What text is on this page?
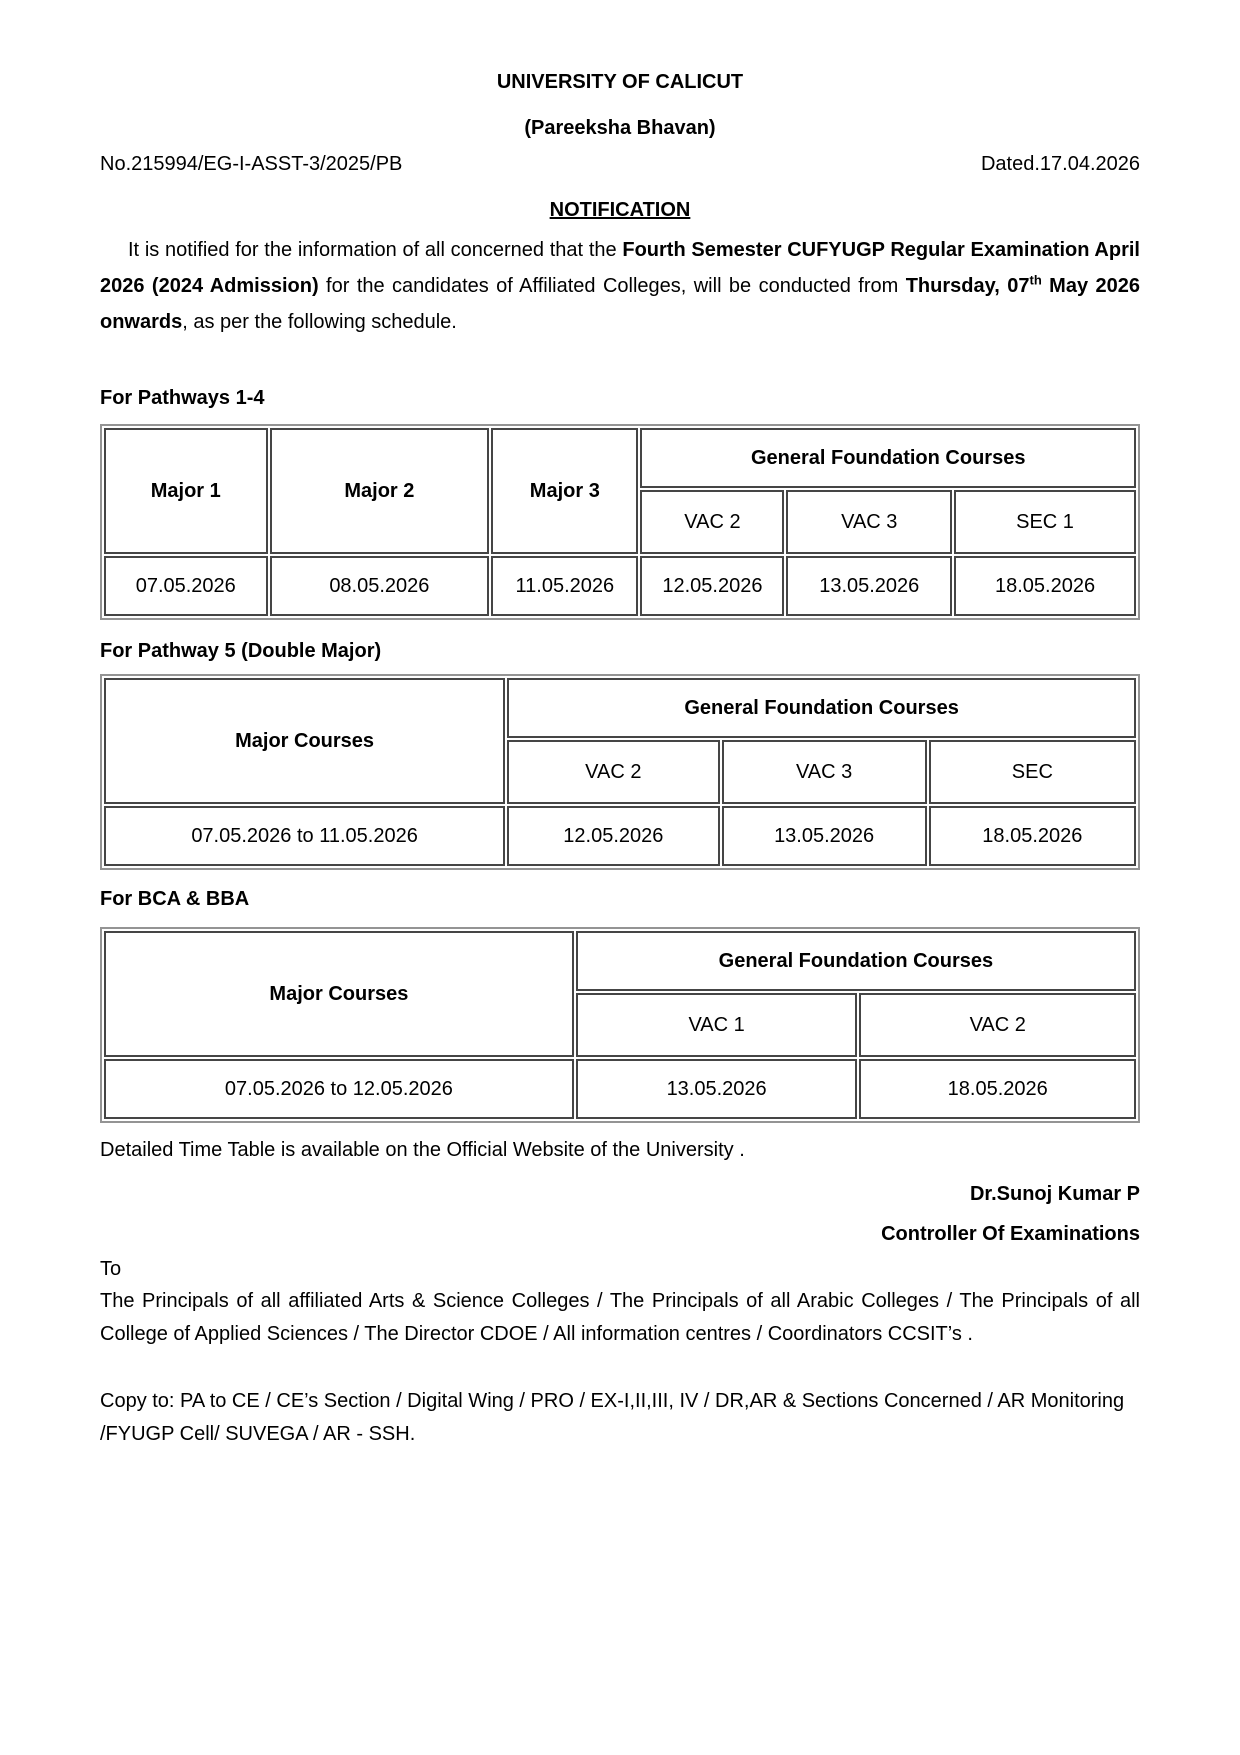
UNIVERSITY OF CALICUT
(Pareeksha Bhavan)
No.215994/EG-I-ASST-3/2025/PB	Dated.17.04.2026
NOTIFICATION
It is notified for the information of all concerned that the Fourth Semester CUFYUGP Regular Examination April 2026 (2024 Admission) for the candidates of Affiliated Colleges, will be conducted from Thursday, 07th May 2026 onwards, as per the following schedule.
For Pathways 1-4
Major 1	Major 2	Major 3	General Foundation Courses		
			VAC 2	VAC 3	SEC 1
07.05.2026	08.05.2026	11.05.2026	12.05.2026	13.05.2026	18.05.2026
For Pathway 5 (Double Major)
Major Courses	General Foundation Courses		
	VAC 2	VAC 3	SEC
07.05.2026 to 11.05.2026	12.05.2026	13.05.2026	18.05.2026
For BCA & BBA
Major Courses	General Foundation Courses	
	VAC 1	VAC 2
07.05.2026 to 12.05.2026	13.05.2026	18.05.2026
Detailed Time Table is available on the Official Website of the University .
Dr.Sunoj Kumar P
Controller Of Examinations
To
The Principals of all affiliated Arts & Science Colleges / The Principals of all Arabic Colleges / The Principals of all College of Applied Sciences / The Director CDOE / All information centres / Coordinators CCSIT’s .
Copy to: PA to CE / CE’s Section / Digital Wing / PRO / EX-I,II,III, IV / DR,AR & Sections Concerned / AR Monitoring /FYUGP Cell/ SUVEGA / AR - SSH.
